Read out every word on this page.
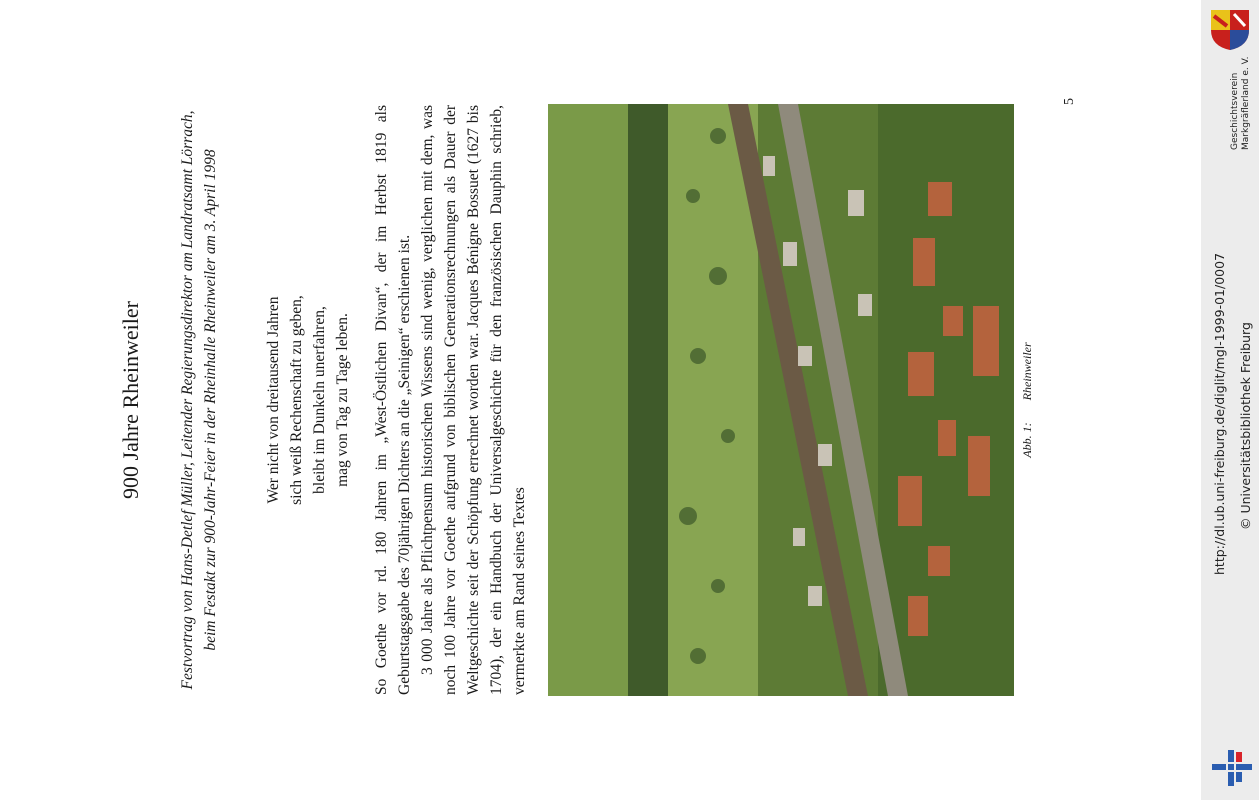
900 Jahre Rheinweiler Festvortrag von Hans-Detlef Müller, Leitender Regierungsdirektor am Landratsamt Lörrach, beim Festakt zur 900-Jahr-Feier in der Rheinhalle Rheinweiler am 3. April 1998	Wer nicht von dreitausend Jahren sich weiß Rechenschaft zu geben, bleibt im Dunkeln unerfahren, mag von Tag zu Tage leben. So Goethe vor rd. 180 Jahren im „West-Östlichen Divan“, der im Herbst 1819 als Geburtstagsgabe des 70jährigen Dichters an die „Seinigen“ erschienen ist. 3 000 Jahre als Pflichtpensum historischen Wissens sind wenig, verglichen mit dem, was noch 100 Jahre vor Goethe aufgrund von biblischen Generationsrechnungen als Dauer der Weltgeschichte seit der Schöpfung errechnet worden war. Jacques Bénigne Bossuet (1627 bis 1704), der ein Handbuch der Universalgeschichte für den französischen Dauphin schrieb, vermerkte am Rand seines Textes

Abb. 1:Rheinweiler
5
http://dl.ub.uni-freiburg.de/diglit/mgl-1999-01/0007 © Universitätsbibliothek Freiburg
Geschichtsverein Markgräflerland e. V.
